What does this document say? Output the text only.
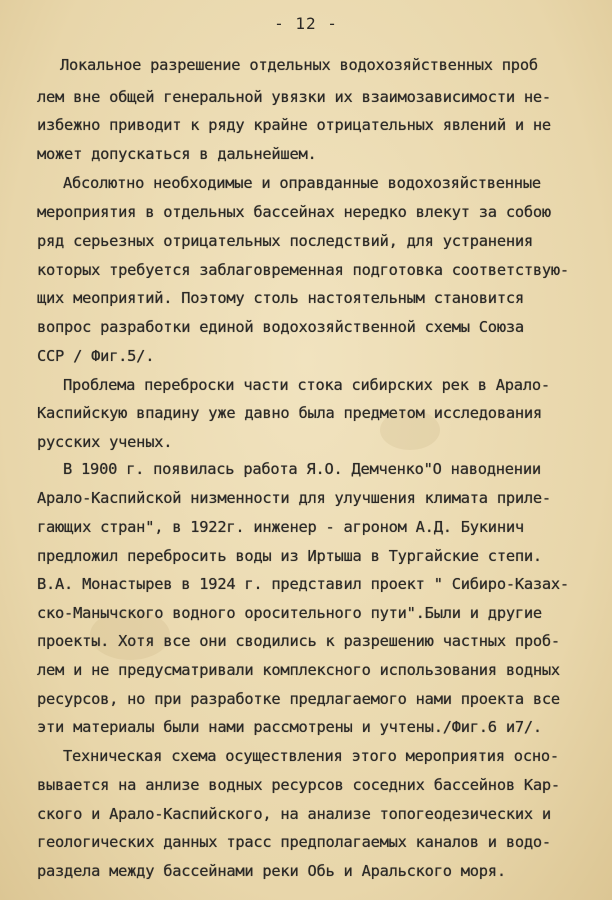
- 12 -
Локальное разрешение отдельных водохозяйственных проб
лем вне общей генеральной увязки их взаимозависимости не-
избежно приводит к ряду крайне отрицательных явлений и не
может допускаться в дальнейшем.
Абсолютно необходимые и оправданные водохозяйственные
мероприятия в отдельных бассейнах нередко влекут за собою
ряд серьезных отрицательных последствий, для устранения
которых требуется заблаговременная подготовка соответствую-
щих меоприятий. Поэтому столь настоятельным становится
вопрос разработки единой водохозяйственной схемы Союза
ССР / Фиг.5/.
Проблема переброски части стока сибирских рек в Арало-
Каспийскую впадину уже давно была предметом исследования
русских ученых.
В 1900 г. появилась работа Я.О. Демченко"О наводнении
Арало-Каспийской низменности для улучшения климата приле-
гающих стран", в 1922г. инженер - агроном А.Д. Букинич
предложил перебросить воды из Иртыша в Тургайские степи.
В.А. Монастырев в 1924 г. представил проект " Сибиро-Казах-
ско-Манычского водного оросительного пути".Были и другие
проекты. Хотя все они сводились к разрешению частных проб-
лем и не предусматривали комплексного использования водных
ресурсов, но при разработке предлагаемого нами проекта все
эти материалы были нами рассмотрены и учтены./Фиг.6 и7/.
Техническая схема осуществления этого мероприятия осно-
вывается на анлизе водных ресурсов соседних бассейнов Кар-
ского и Арало-Каспийского, на анализе топогеодезических и
геологических данных трасс предполагаемых каналов и водо-
раздела между бассейнами реки Обь и Аральского моря.
